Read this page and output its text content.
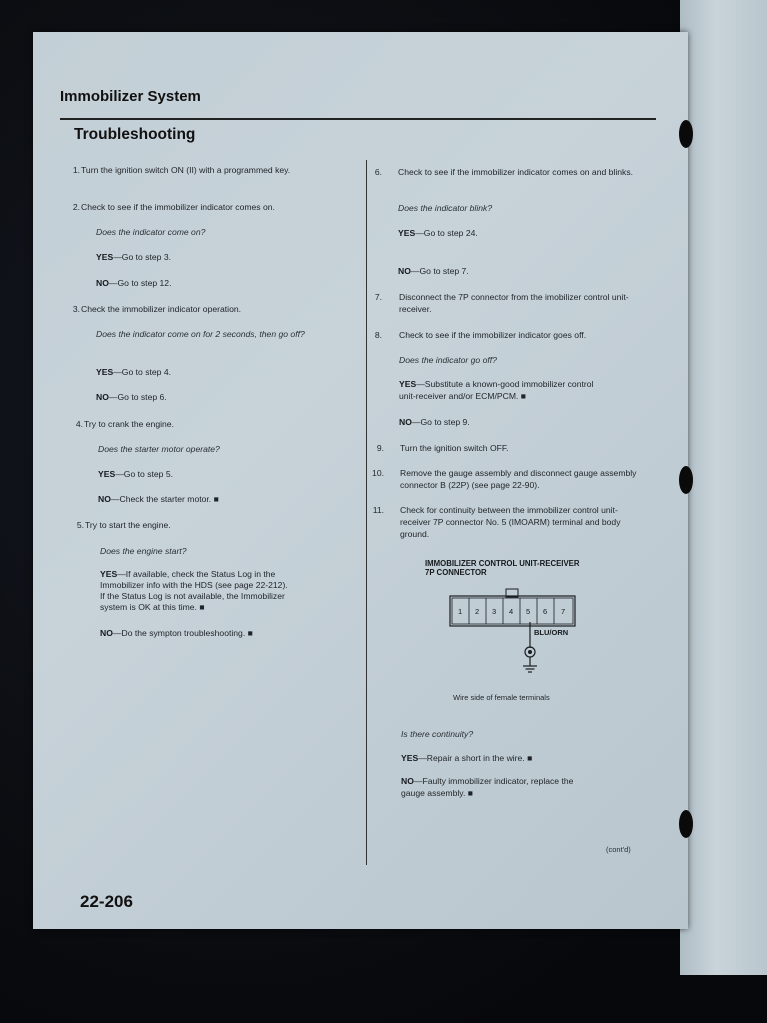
Immobilizer System
Troubleshooting
1. Turn the ignition switch ON (II) with a programmed key.
2. Check to see if the immobilizer indicator comes on.
Does the indicator come on?
YES—Go to step 3.
NO—Go to step 12.
3. Check the immobilizer indicator operation.
Does the indicator come on for 2 seconds, then go off?
YES—Go to step 4.
NO—Go to step 6.
4. Try to crank the engine.
Does the starter motor operate?
YES—Go to step 5.
NO—Check the starter motor. ■
5. Try to start the engine.
Does the engine start?
YES—If available, check the Status Log in the
Immobilizer info with the HDS (see page 22-212).
If the Status Log is not available, the Immobilizer
system is OK at this time. ■
NO—Do the sympton troubleshooting. ■
6. Check to see if the immobilizer indicator comes on and blinks.
Does the indicator blink?
YES—Go to step 24.
NO—Go to step 7.
7. Disconnect the 7P connector from the imobilizer control unit-receiver.
8. Check to see if the immobilizer indicator goes off.
Does the indicator go off?
YES—Substitute a known-good immobilizer control
unit-receiver and/or ECM/PCM. ■
NO—Go to step 9.
9. Turn the ignition switch OFF.
10. Remove the gauge assembly and disconnect gauge assembly connector B (22P) (see page 22-90).
11. Check for continuity between the immobilizer control unit-receiver 7P connector No. 5 (IMOARM) terminal and body ground.
Is there continuity?
YES—Repair a short in the wire. ■
NO—Faulty immobilizer indicator, replace the
gauge assembly. ■
IMMOBILIZER CONTROL UNIT-RECEIVER
7P CONNECTOR
1 2 3 4 5 6 7
BLU/ORN
Wire side of female terminals
(cont'd)
22-206
